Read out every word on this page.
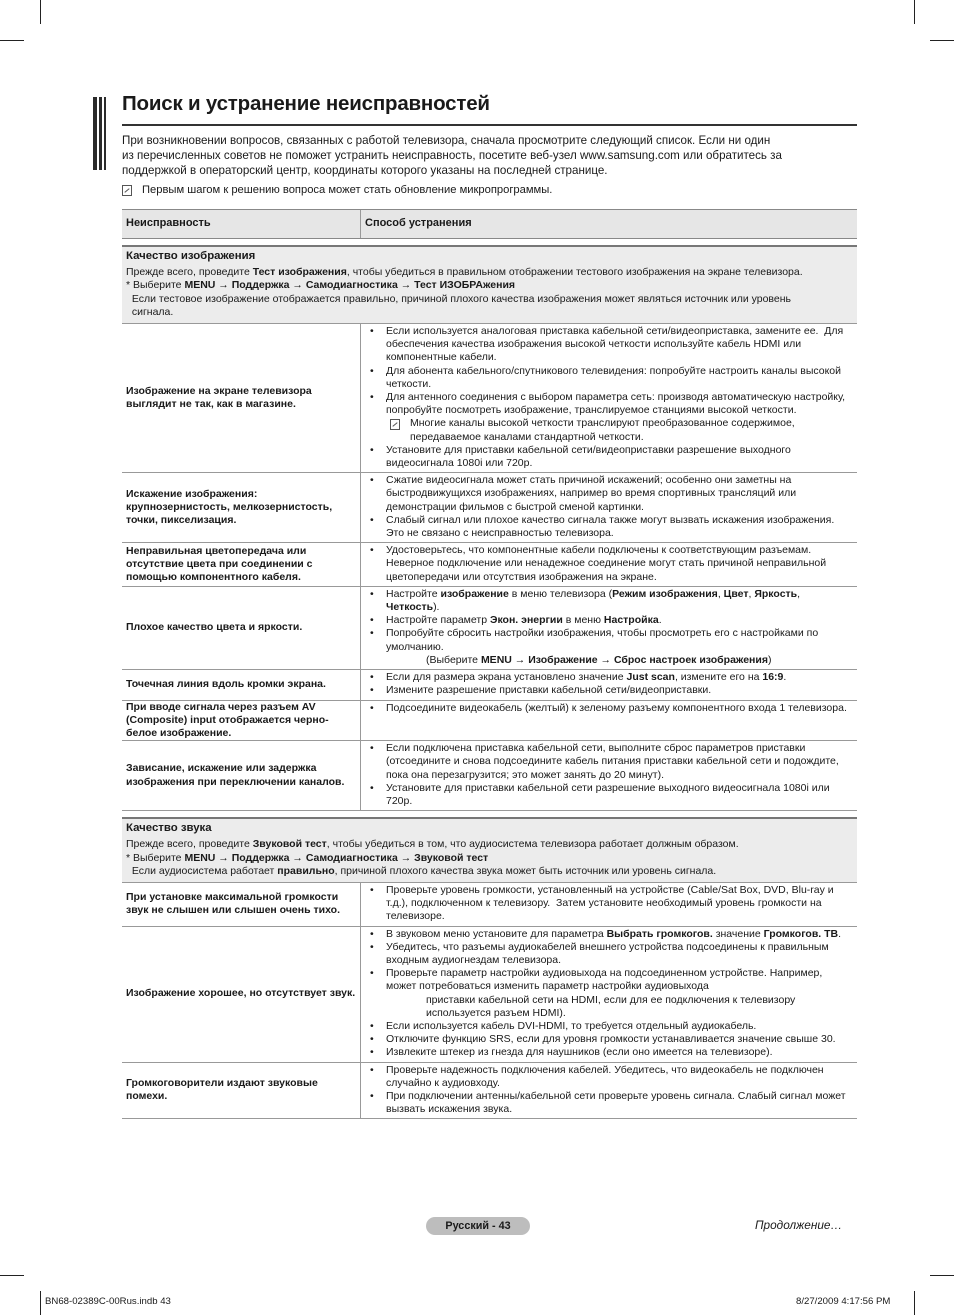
Поиск и устранение неисправностей
При возникновении вопросов, связанных с работой телевизора, сначала просмотрите следующий список. Если ни один
из перечисленных советов не поможет устранить неисправность, посетите веб-узел www.samsung.com или обратитесь за
поддержкой в операторский центр, координаты которого указаны на последней странице.
Первым шагом к решению вопроса может стать обновление микропрограммы.
Неисправность	Способ устранения
Качество изображения
Прежде всего, проведите Тест изображения, чтобы убедиться в правильном отображении тестового изображения на экране телевизора.
* Выберите MENU → Поддержка → Самодиагностика → Тест ИЗОБРАжения
Если тестовое изображение отображается правильно, причиной плохого качества изображения может являться источник или уровень
сигнала.
Изображение на экране телевизора выглядит не так, как в магазине.
•	Если используется аналоговая приставка кабельной сети/видеоприставка, замените ее.  Для обеспечения качества изображения высокой четкости используйте кабель HDMI или компонентные кабели.
•	Для абонента кабельного/спутникового телевидения: попробуйте настроить каналы высокой четкости.
•	Для антенного соединения с выбором параметра сеть: производя автоматическую настройку, попробуйте посмотреть изображение, транслируемое станциями высокой четкости.
Многие каналы высокой четкости транслируют преобразованное содержимое, передаваемое каналами стандартной четкости.
•	Установите для приставки кабельной сети/видеоприставки разрешение выходного видеосигнала 1080i или 720p.
Искажение изображения: крупнозернистость, мелкозернистость, точки, пикселизация.
•	Сжатие видеосигнала может стать причиной искажений; особенно они заметны на быстродвижущихся изображениях, например во время спортивных трансляций или демонстрации фильмов с быстрой сменой картинки.
•	Слабый сигнал или плохое качество сигнала также могут вызвать искажения изображения. Это не связано с неисправностью телевизора.
Неправильная цветопередача или отсутствие цвета при соединении с помощью компонентного кабеля.
•	Удостоверьтесь, что компонентные кабели подключены к соответствующим разъемам. Неверное подключение или ненадежное соединение могут стать причиной неправильной цветопередачи или отсутствия изображения на экране.
Плохое качество цвета и яркости.
•	Настройте изображение в меню телевизора (Режим изображения, Цвет, Яркость, Четкость).
•	Настройте параметр Экон. энергии в меню Настройка.
•	Попробуйте сбросить настройки изображения, чтобы просмотреть его с настройками по умолчанию.
(Выберите MENU → Изображение → Сброс настроек изображения)
Точечная линия вдоль кромки экрана.
•	Если для размера экрана установлено значение Just scan, измените его на 16:9.
•	Измените разрешение приставки кабельной сети/видеоприставки.
При вводе сигнала через разъем AV (Composite) input отображается черно-белое изображение.
•	Подсоедините видеокабель (желтый) к зеленому разъему компонентного входа 1 телевизора.
Зависание, искажение или задержка изображения при переключении каналов.
•	Если подключена приставка кабельной сети, выполните сброс параметров приставки (отсоедините и снова подсоедините кабель питания приставки кабельной сети и подождите, пока она перезагрузится; это может занять до 20 минут).
•	Установите для приставки кабельной сети разрешение выходного видеосигнала 1080i или 720p.
Качество звука
Прежде всего, проведите Звуковой тест, чтобы убедиться в том, что аудиосистема телевизора работает должным образом.
* Выберите MENU → Поддержка → Самодиагностика → Звуковой тест
Если аудиосистема работает правильно, причиной плохого качества звука может быть источник или уровень сигнала.
При установке максимальной громкости звук не слышен или слышен очень тихо.
•	Проверьте уровень громкости, установленный на устройстве (Cable/Sat Box, DVD, Blu-ray и т.д.), подключенном к телевизору.  Затем установите необходимый уровень громкости на телевизоре.
Изображение хорошее, но отсутствует звук.
•	В звуковом меню установите для параметра Выбрать громкогов. значение Громкогов. ТВ.
•	Убедитесь, что разъемы аудиокабелей внешнего устройства подсоединены к правильным входным аудиогнездам телевизора.
•	Проверьте параметр настройки аудиовыхода на подсоединенном устройстве. Например, может потребоваться изменить параметр настройки аудиовыхода
приставки кабельной сети на HDMI, если для ее подключения к телевизору используется разъем HDMI).
•	Если используется кабель DVI-HDMI, то требуется отдельный аудиокабель.
•	Отключите функцию SRS, если для уровня громкости устанавливается значение свыше 30.
•	Извлеките штекер из гнезда для наушников (если оно имеется на телевизоре).
Громкоговорители издают звуковые помехи.
•	Проверьте надежность подключения кабелей. Убедитесь, что видеокабель не подключен случайно к аудиовходу.
•	При подключении антенны/кабельной сети проверьте уровень сигнала. Слабый сигнал может вызвать искажения звука.
Русский - 43	Продолжение…
BN68-02389C-00Rus.indb 43	8/27/2009 4:17:56 PM
